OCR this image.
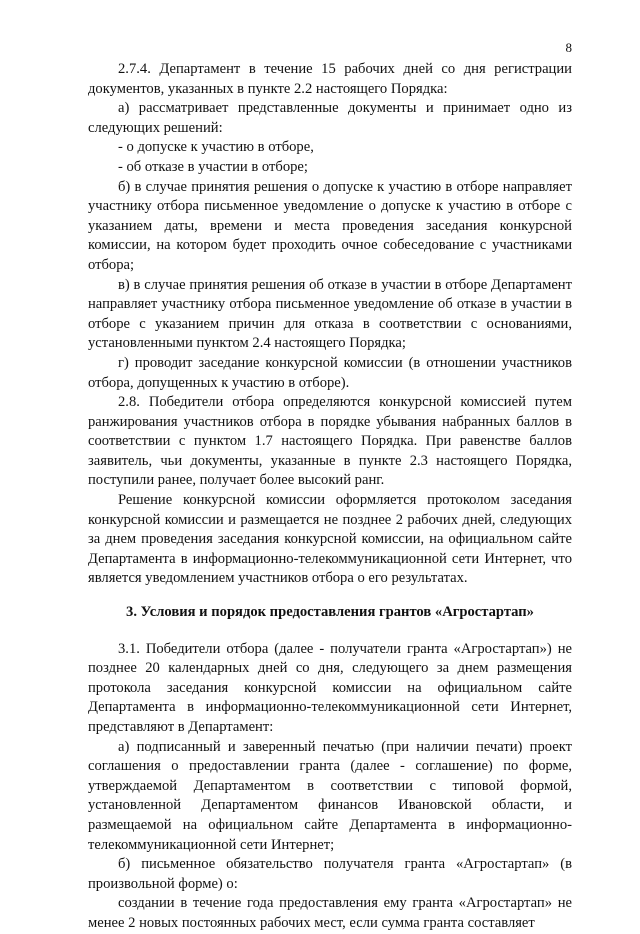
8

2.7.4. Департамент в течение 15 рабочих дней со дня регистрации документов, указанных в пункте 2.2 настоящего Порядка:

а) рассматривает представленные документы и принимает одно из следующих решений:

- о допуске к участию в отборе,

- об отказе в участии в отборе;

б) в случае принятия решения о допуске к участию в отборе направляет участнику отбора письменное уведомление о допуске к участию в отборе с указанием даты, времени и места проведения заседания конкурсной комиссии, на котором будет проходить очное собеседование с участниками отбора;

в) в случае принятия решения об отказе в участии в отборе Департамент направляет участнику отбора письменное уведомление об отказе в участии в отборе с указанием причин для отказа в соответствии с основаниями, установленными пунктом 2.4 настоящего Порядка;

г) проводит заседание конкурсной комиссии (в отношении участников отбора, допущенных к участию в отборе).

2.8. Победители отбора определяются конкурсной комиссией путем ранжирования участников отбора в порядке убывания набранных баллов в соответствии с пунктом 1.7 настоящего Порядка. При равенстве баллов заявитель, чьи документы, указанные в пункте 2.3 настоящего Порядка, поступили ранее, получает более высокий ранг.

Решение конкурсной комиссии оформляется протоколом заседания конкурсной комиссии и размещается не позднее 2 рабочих дней, следующих за днем проведения заседания конкурсной комиссии, на официальном сайте Департамента в информационно-телекоммуникационной сети Интернет, что является уведомлением участников отбора о его результатах.

3. Условия и порядок предоставления грантов «Агростартап»

3.1. Победители отбора (далее - получатели гранта «Агростартап») не позднее 20 календарных дней со дня, следующего за днем размещения протокола заседания конкурсной комиссии на официальном сайте Департамента в информационно-телекоммуникационной сети Интернет, представляют в Департамент:

а) подписанный и заверенный печатью (при наличии печати) проект соглашения о предоставлении гранта (далее - соглашение) по форме, утверждаемой Департаментом в соответствии с типовой формой, установленной Департаментом финансов Ивановской области, и размещаемой на официальном сайте Департамента в информационно-телекоммуникационной сети Интернет;

б) письменное обязательство получателя гранта «Агростартап» (в произвольной форме) о:

создании в течение года предоставления ему гранта «Агростартап» не менее 2 новых постоянных рабочих мест, если сумма гранта составляет
